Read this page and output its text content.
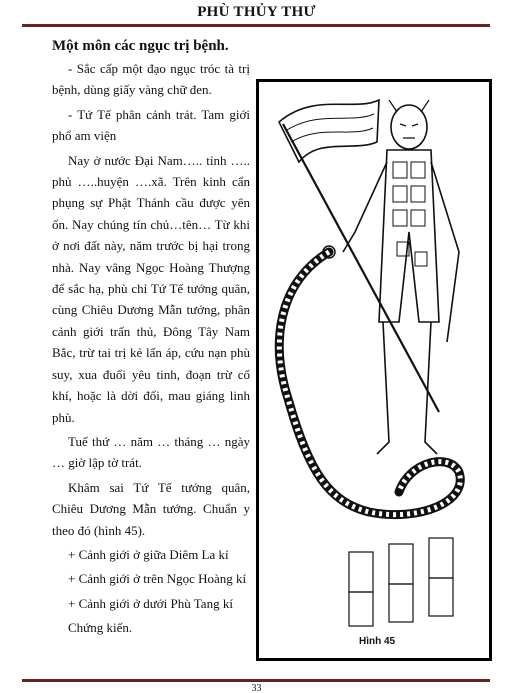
PHÙ THỦY THƯ
Một môn các ngục trị bệnh.

- Sắc cấp một đạo ngục tróc tà trị bệnh, dùng giấy vàng chữ đen.

- Tứ Tế phân cảnh trát. Tam giới phổ am viện

Nay ở nước Đại Nam….. tỉnh ….. phủ …..huyện ….xã. Trên kinh cẩn phụng sự Phật Thánh cầu được yên ổn. Nay chúng tín chủ…tên… Từ khi ở nơi đất này, năm trước bị hại trong nhà. Nay vâng Ngọc Hoàng Thượng đế sắc hạ, phù chỉ Tứ Tế tướng quân, cùng Chiêu Dương Mẫn tướng, phân cảnh giới trấn thủ, Đông Tây Nam Bắc, trừ tai trị kẻ lấn áp, cứu nạn phù suy, xua đuổi yêu tinh, đoạn trừ cố khí, hoặc là dời đổi, mau giáng linh phù.

Tuế thứ … năm … tháng … ngày … giờ lập tờ trát.

Khâm sai Tứ Tế tướng quân, Chiêu Dương Mẫn tướng. Chuẩn y theo đó (hình 45).

+ Cảnh giới ở giữa Diêm La kí

+ Cảnh giới ở trên Ngọc Hoàng kí

+ Cảnh giới ở dưới Phù Tang kí

Chứng kiến.

Hình 45
33
